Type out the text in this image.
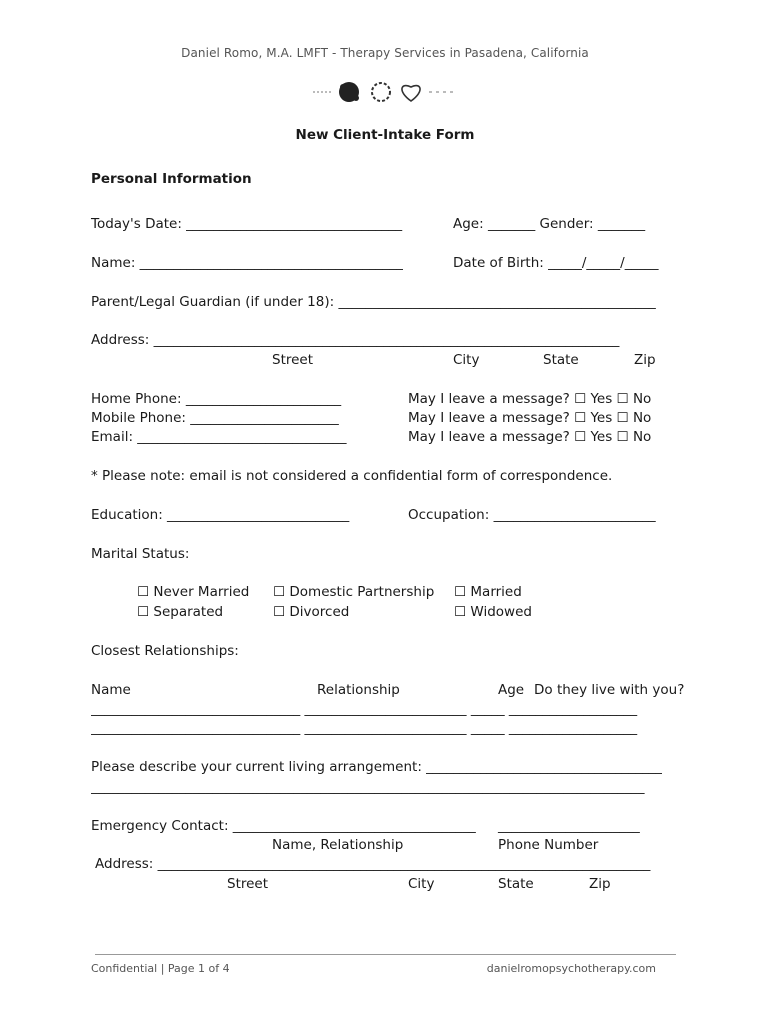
Daniel Romo, M.A. LMFT - Therapy Services in Pasadena, California
New Client-Intake Form
Personal Information
Today's Date: ________________________________	Age: _______ Gender: _______
Name: _______________________________________	Date of Birth: _____/_____/_____
Parent/Legal Guardian (if under 18): _______________________________________________
Address: _____________________________________________________________________
Street	City	State	Zip
Home Phone: _______________________	May I leave a message? ☐ Yes ☐ No
Mobile Phone: ______________________	May I leave a message? ☐ Yes ☐ No
Email: _______________________________	May I leave a message? ☐ Yes ☐ No
* Please note: email is not considered a confidential form of correspondence.
Education: ___________________________	Occupation: ________________________
Marital Status:
☐ Never Married ☐ Domestic Partnership ☐ Married
☐ Separated	☐ Divorced	☐ Widowed
Closest Relationships:
Name	Relationship	Age Do they live with you?
_______________________________ ________________________ _____ ___________________
_______________________________ ________________________ _____ ___________________
Please describe your current living arrangement: ___________________________________
__________________________________________________________________________________
Emergency Contact: ____________________________________ _____________________
Name, Relationship	Phone Number
Address: _________________________________________________________________________
Street	City	State	Zip
Confidential | Page 1 of 4	danielromopsychotherapy.com
